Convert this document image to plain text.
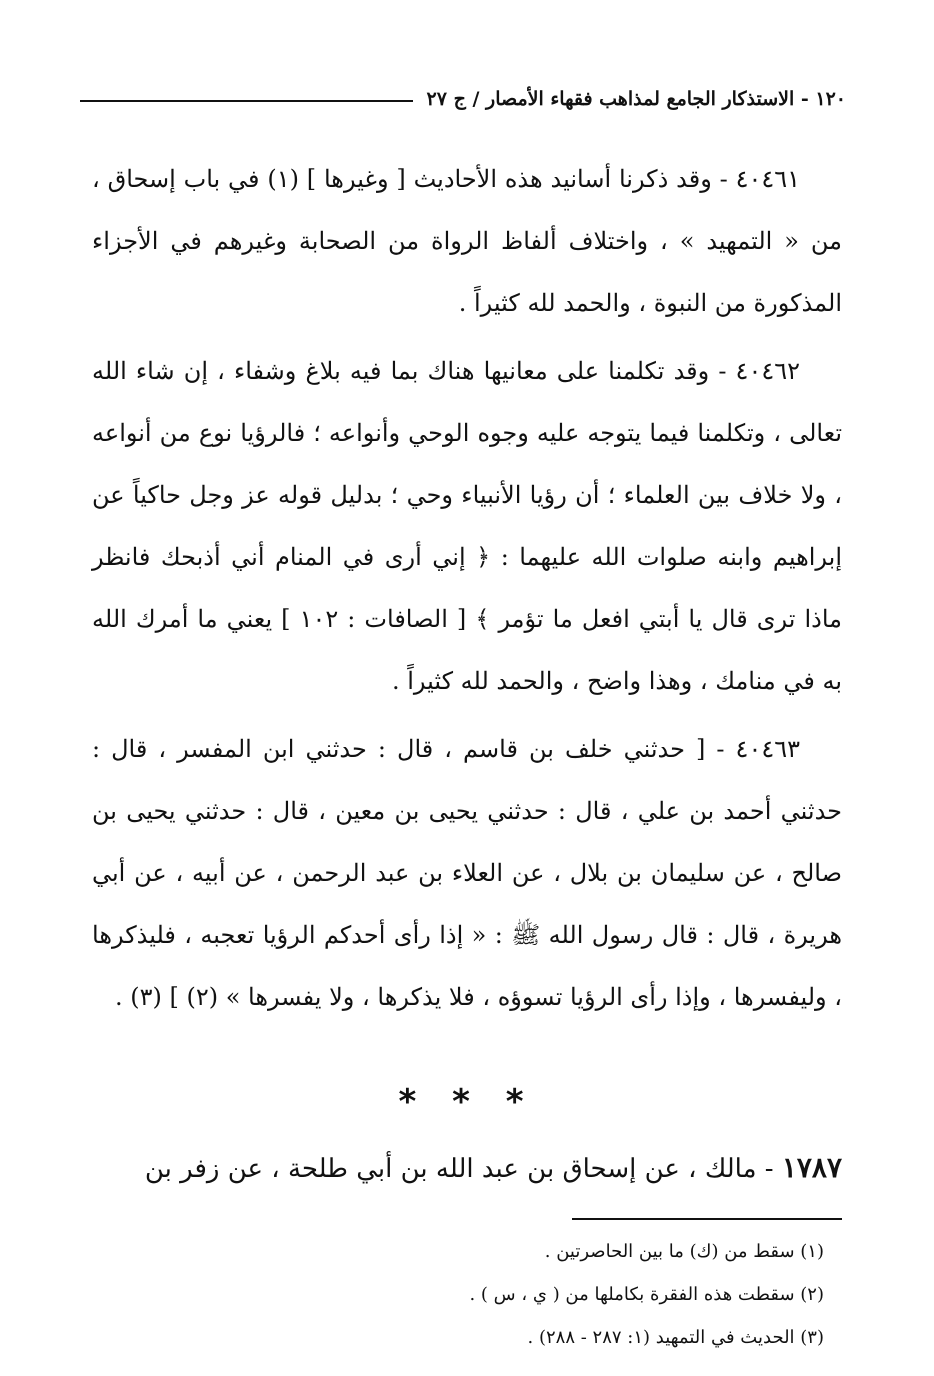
١٢٠ - الاستذكار الجامع لمذاهب فقهاء الأمصار / ج ٢٧

٤٠٤٦١ - وقد ذكرنا أسانيد هذه الأحاديث [ وغيرها ] (١) في باب إسحاق ، من « التمهيد » ، واختلاف ألفاظ الرواة من الصحابة وغيرهم في الأجزاء المذكورة من النبوة ، والحمد لله كثيراً .

٤٠٤٦٢ - وقد تكلمنا على معانيها هناك بما فيه بلاغ وشفاء ، إن شاء الله تعالى ، وتكلمنا فيما يتوجه عليه وجوه الوحي وأنواعه ؛ فالرؤيا نوع من أنواعه ، ولا خلاف بين العلماء ؛ أن رؤيا الأنبياء وحي ؛ بدليل قوله عز وجل حاكياً عن إبراهيم وابنه صلوات الله عليهما : ﴿ إني أرى في المنام أني أذبحك فانظر ماذا ترى قال يا أبتي افعل ما تؤمر ﴾ [ الصافات : ١٠٢ ] يعني ما أمرك الله به في منامك ، وهذا واضح ، والحمد لله كثيراً .

٤٠٤٦٣ - [ حدثني خلف بن قاسم ، قال : حدثني ابن المفسر ، قال : حدثني أحمد بن علي ، قال : حدثني يحيى بن معين ، قال : حدثني يحيى بن صالح ، عن سليمان بن بلال ، عن العلاء بن عبد الرحمن ، عن أبيه ، عن أبي هريرة ، قال : قال رسول الله ﷺ : « إذا رأى أحدكم الرؤيا تعجبه ، فليذكرها ، وليفسرها ، وإذا رأى الرؤيا تسوؤه ، فلا يذكرها ، ولا يفسرها » (٢) ] (٣) .

* * *
١٧٨٧ - مالك ، عن إسحاق بن عبد الله بن أبي طلحة ، عن زفر بن

(١) سقط من (ك) ما بين الحاصرتين .

(٢) سقطت هذه الفقرة بكاملها من ( ي ، س ) .

(٣) الحديث في التمهيد (١: ٢٨٧ - ٢٨٨) .
